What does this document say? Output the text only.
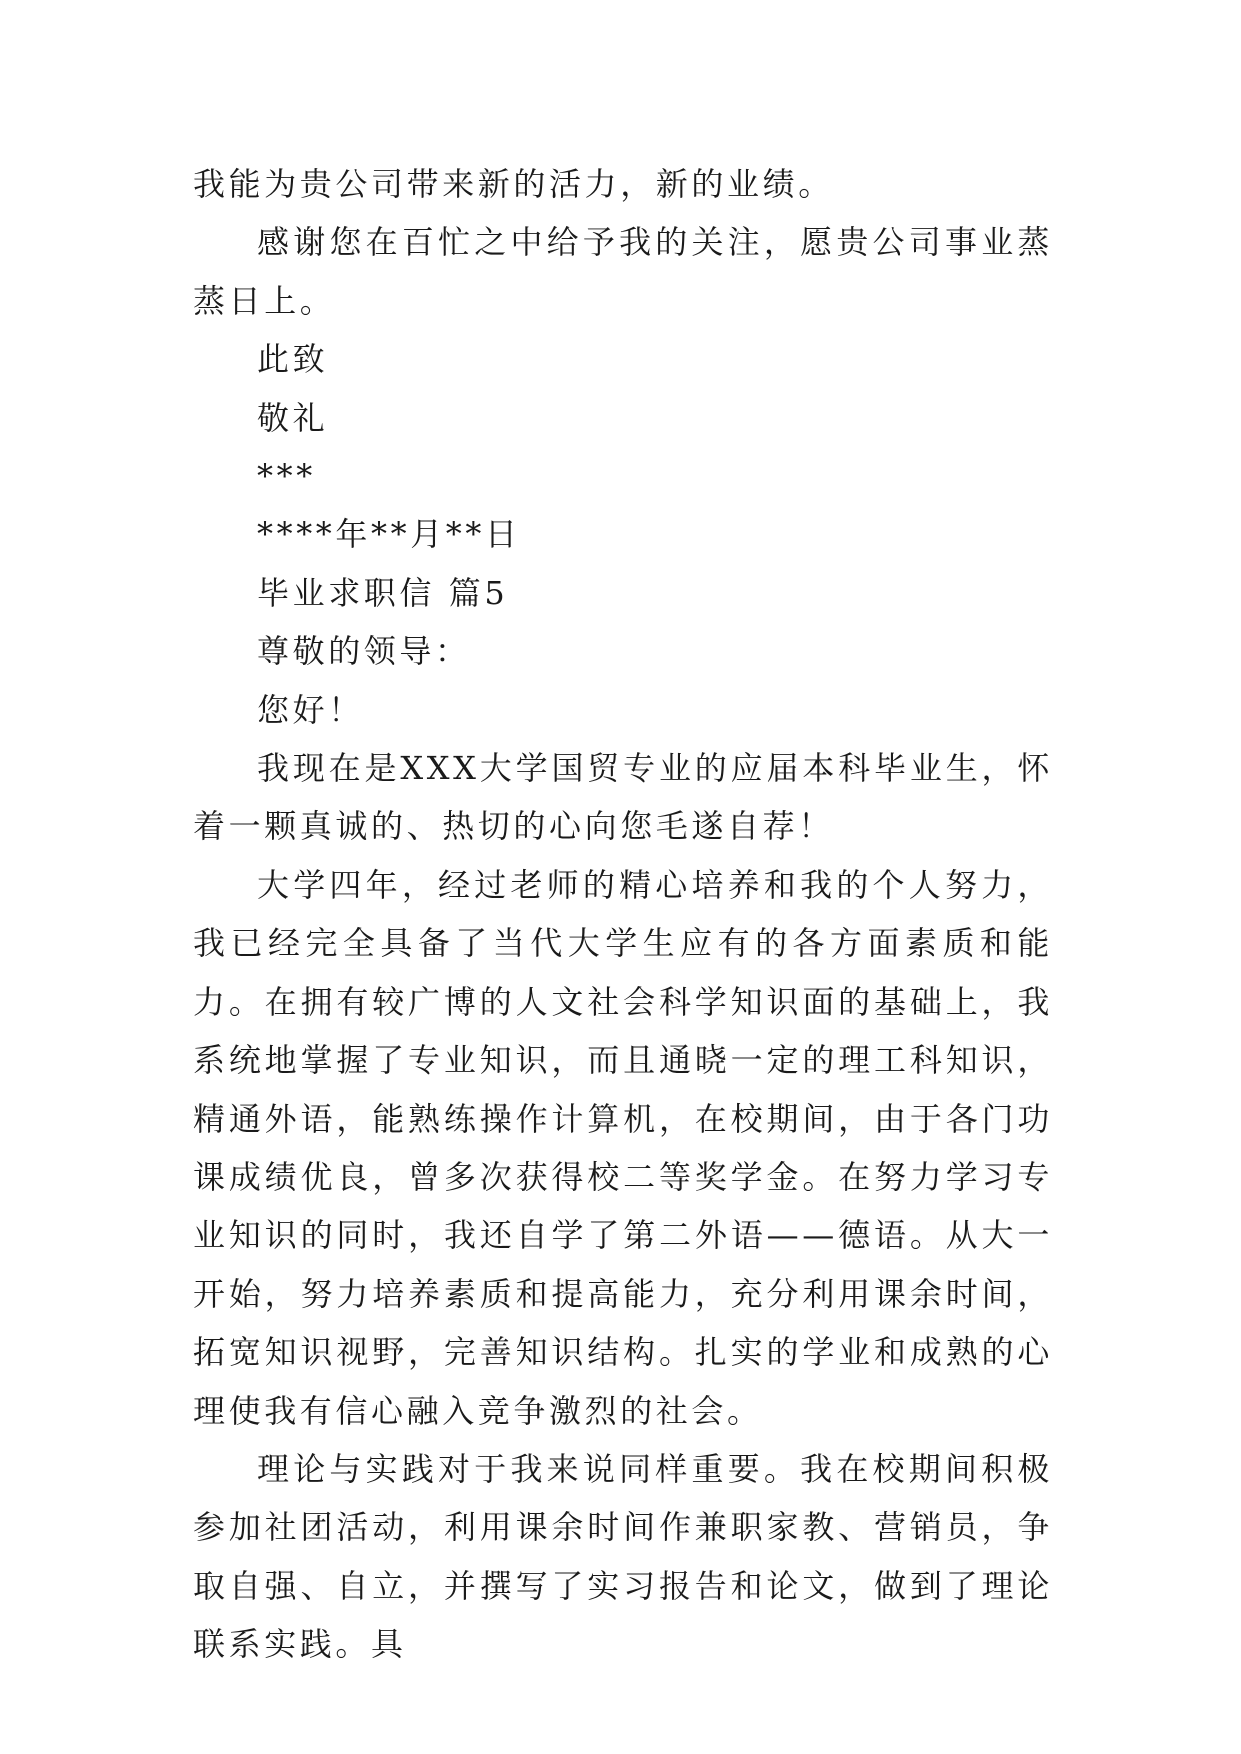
我能为贵公司带来新的活力，新的业绩。

感谢您在百忙之中给予我的关注，愿贵公司事业蒸蒸日上。

此致

敬礼

***

****年**月**日

毕业求职信 篇5

尊敬的领导：

您好！

我现在是XXX大学国贸专业的应届本科毕业生，怀着一颗真诚的、热切的心向您毛遂自荐！

大学四年，经过老师的精心培养和我的个人努力，我已经完全具备了当代大学生应有的各方面素质和能力。在拥有较广博的人文社会科学知识面的基础上，我系统地掌握了专业知识，而且通晓一定的理工科知识，精通外语，能熟练操作计算机，在校期间，由于各门功课成绩优良，曾多次获得校二等奖学金。在努力学习专业知识的同时，我还自学了第二外语——德语。从大一开始，努力培养素质和提高能力，充分利用课余时间，拓宽知识视野，完善知识结构。扎实的学业和成熟的心理使我有信心融入竞争激烈的社会。

理论与实践对于我来说同样重要。我在校期间积极参加社团活动，利用课余时间作兼职家教、营销员，争取自强、自立，并撰写了实习报告和论文，做到了理论联系实践。具
